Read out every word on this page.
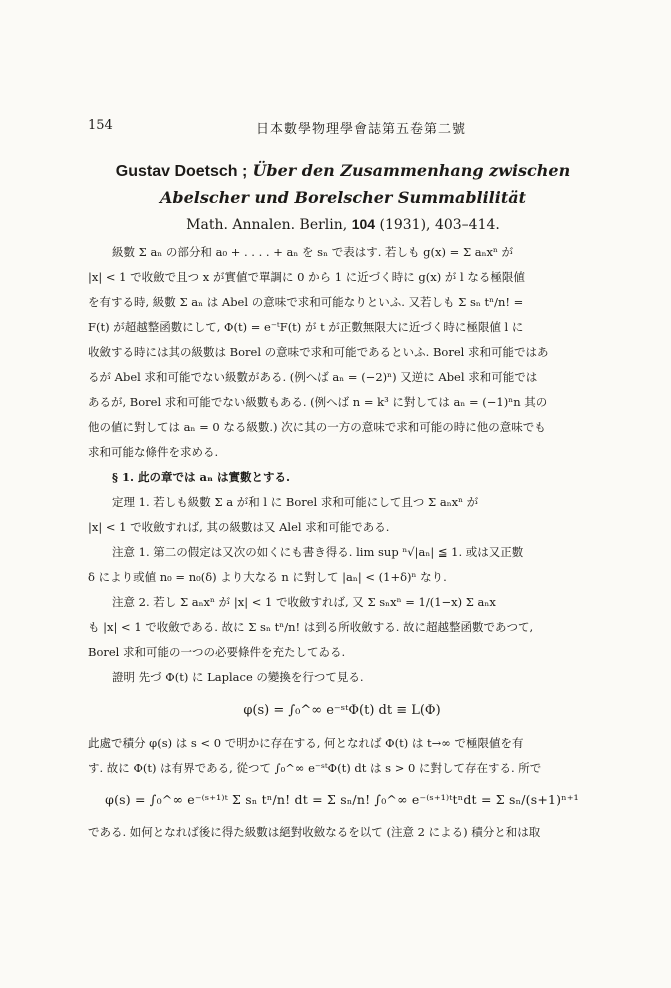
154	日本數學物理學會誌第五卷第二號
Gustav Doetsch ; Über den Zusammenhang zwischen
Abelscher und Borelscher Summablilität
Math. Annalen. Berlin, 104 (1931), 403–414.

級數 Σ aₙ の部分和 a₀ + . . . . + aₙ を sₙ で表はす. 若しも g(x) = Σ aₙxⁿ が
|x| < 1 で收斂で且つ x が實値で單調に 0 から 1 に近づく時に g(x) が l なる極限値
を有する時, 級數 Σ aₙ は Abel の意味で求和可能なりといふ. 又若しも Σ sₙ tⁿ/n! =
F(t) が超越整函數にして, Φ(t) = e⁻ᵗF(t) が t が正數無限大に近づく時に極限値 l に
收斂する時には其の級數は Borel の意味で求和可能であるといふ. Borel 求和可能ではあ
るが Abel 求和可能でない級數がある. (例へば aₙ = (−2)ⁿ) 又逆に Abel 求和可能では
あるが, Borel 求和可能でない級數もある. (例へば n = k³ に對しては aₙ = (−1)ⁿn 其の
他の値に對しては aₙ = 0 なる級數.) 次に其の一方の意味で求和可能の時に他の意味でも
求和可能な條件を求める.

§ 1. 此の章では aₙ は實數とする.

定理 1. 若しも級數 Σ a が和 l に Borel 求和可能にして且つ Σ aₙxⁿ が
|x| < 1 で收斂すれば, 其の級數は又 Alel 求和可能である.

注意 1. 第二の假定は又次の如くにも書き得る. lim sup ⁿ√|aₙ| ≦ 1. 或は又正數
δ により或値 n₀ = n₀(δ) より大なる n に對して |aₙ| < (1+δ)ⁿ なり.

注意 2. 若し Σ aₙxⁿ が |x| < 1 で收斂すれば, 又 Σ sₙxⁿ = 1/(1−x) Σ aₙx
も |x| < 1 で收斂である. 故に Σ sₙ tⁿ/n! は到る所收斂する. 故に超越整函數であつて,
Borel 求和可能の一つの必要條件を充たしてゐる.

證明 先づ Φ(t) に Laplace の變換を行つて見る.
φ(s) = ∫₀^∞ e⁻ˢᵗΦ(t) dt ≡ L(Φ)
此處で積分 φ(s) は s < 0 で明かに存在する, 何となれば Φ(t) は t→∞ で極限値を有
す. 故に Φ(t) は有界である, 從つて ∫₀^∞ e⁻ˢᵗΦ(t) dt は s > 0 に對して存在する. 所で
φ(s) = ∫₀^∞ e⁻⁽ˢ⁺¹⁾ᵗ Σ sₙ tⁿ/n! dt = Σ sₙ/n! ∫₀^∞ e⁻⁽ˢ⁺¹⁾ᵗtⁿdt = Σ sₙ/(s+1)ⁿ⁺¹
である. 如何となれば後に得た級數は絕對收斂なるを以て (注意 2 による) 積分と和は取
